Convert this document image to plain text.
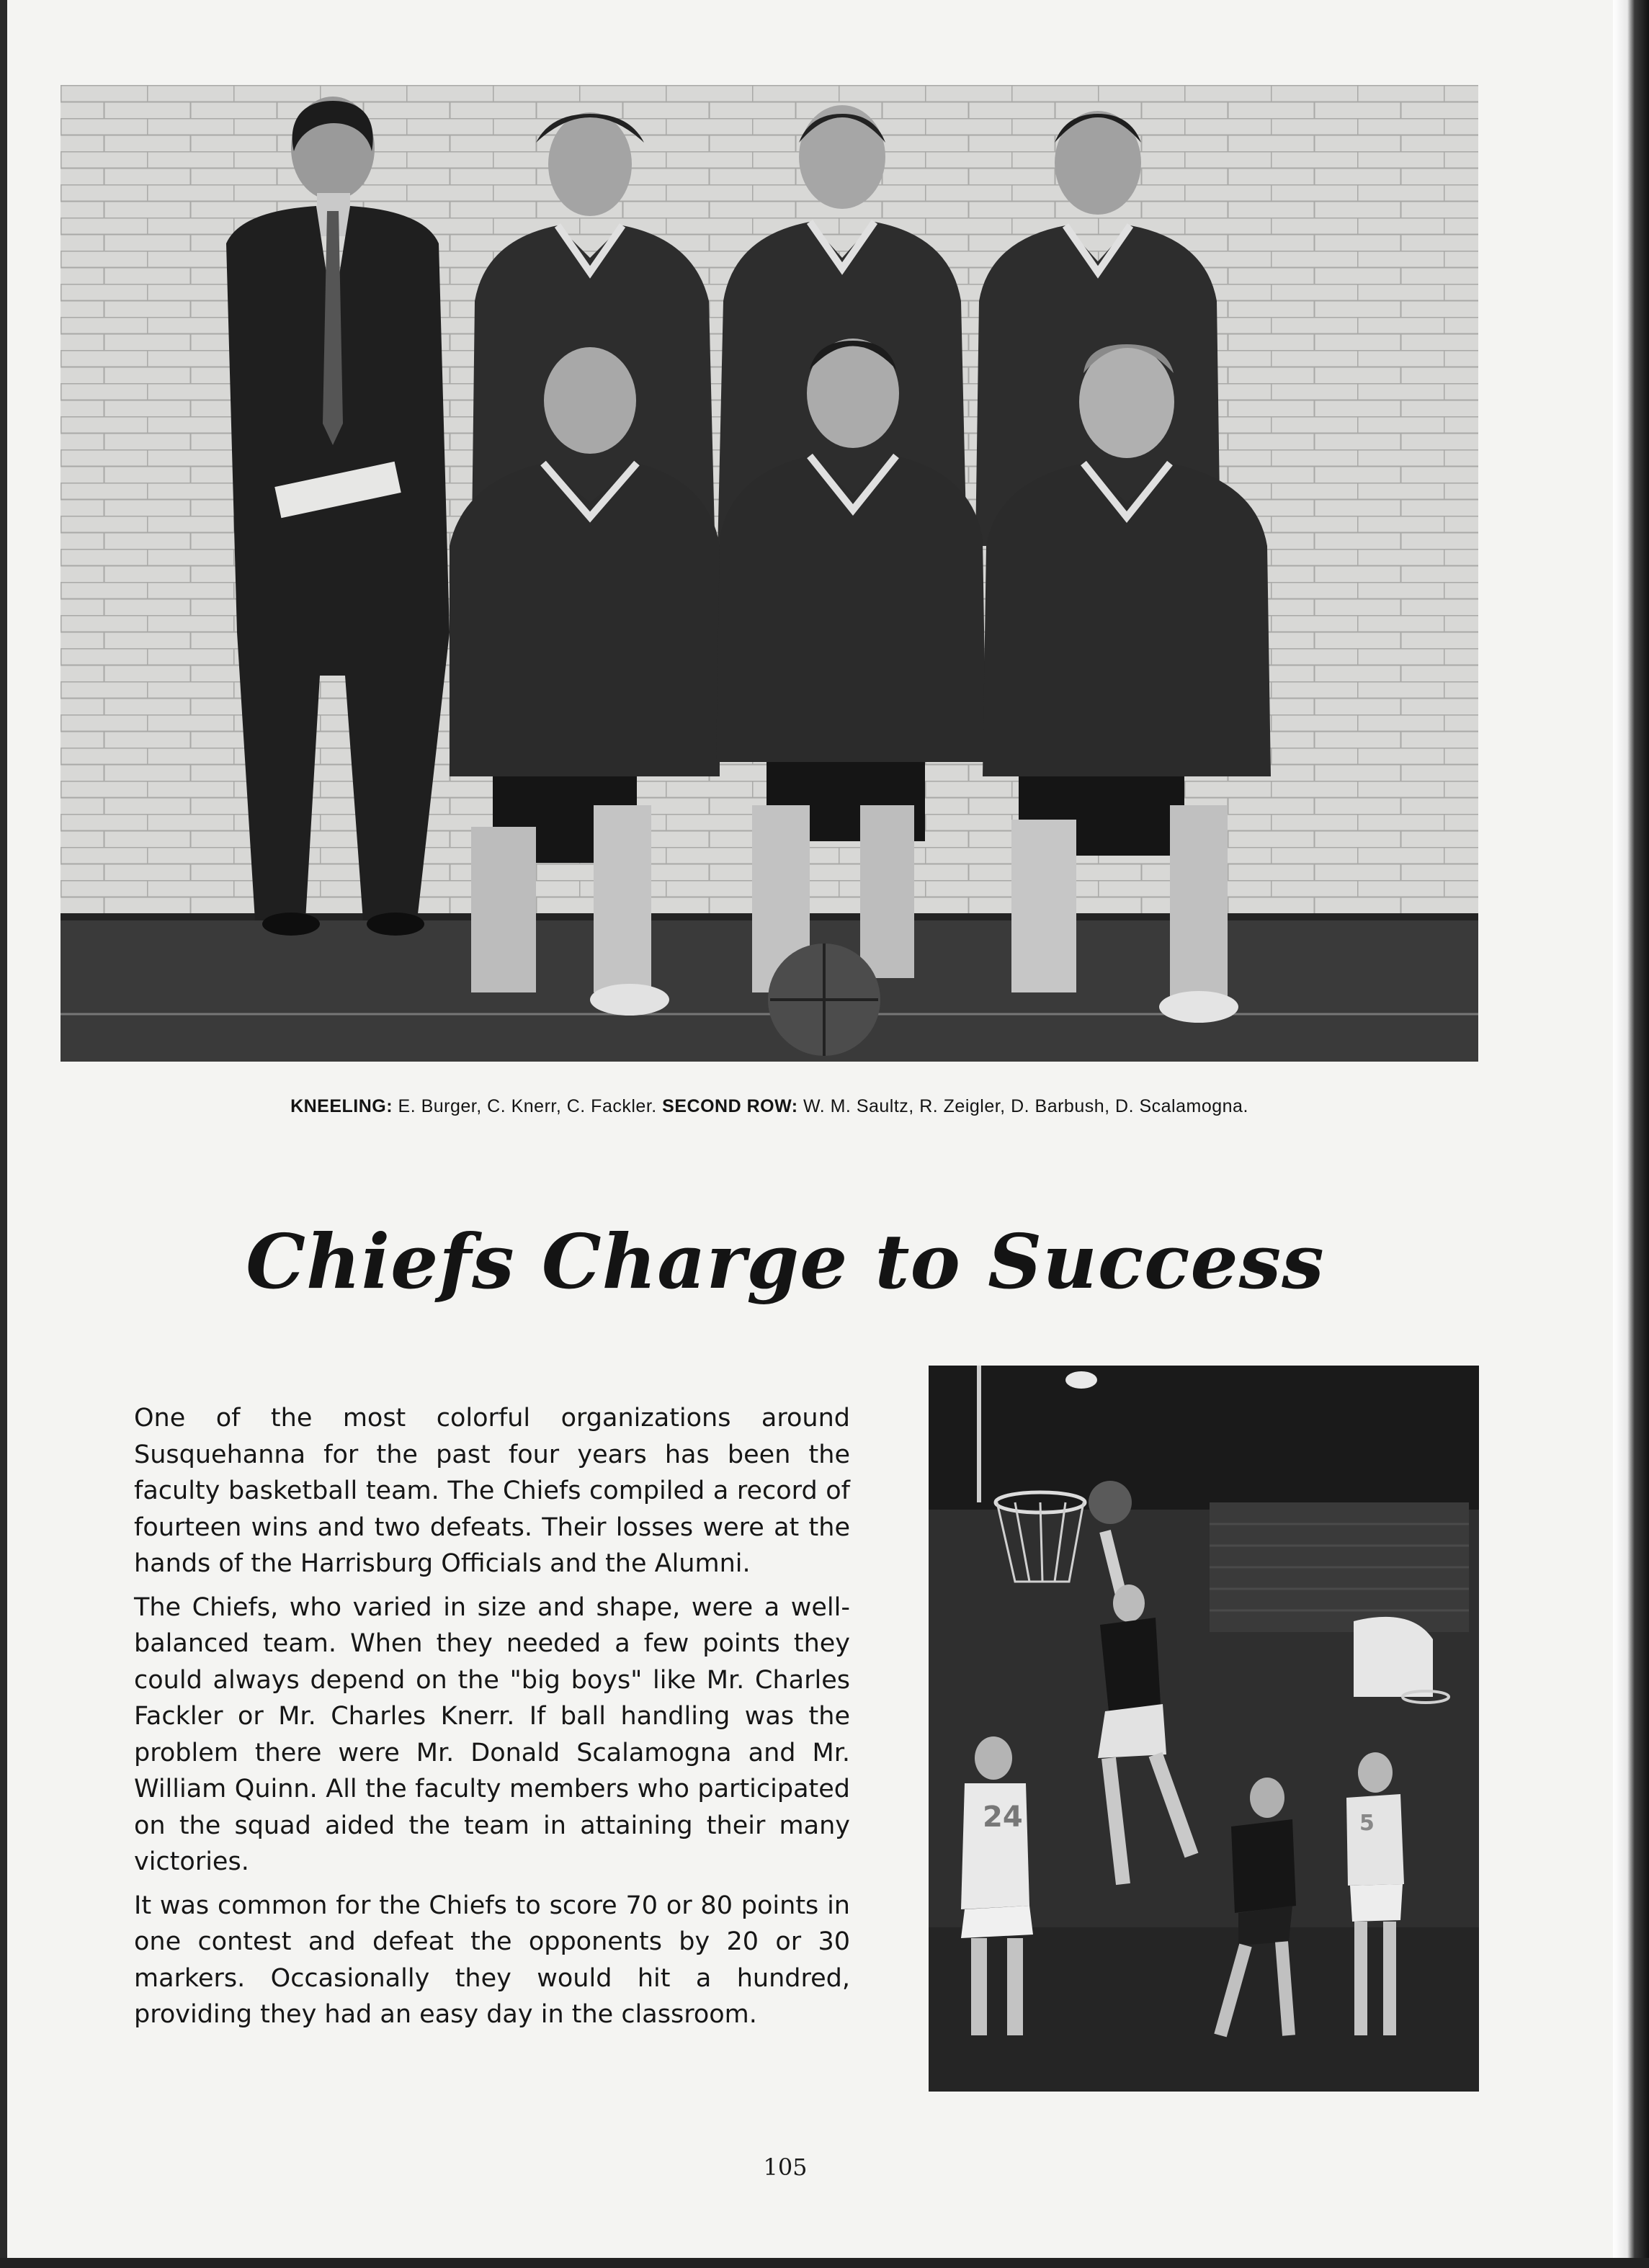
KNEELING: E. Burger, C. Knerr, C. Fackler. SECOND ROW: W. M. Saultz, R. Zeigler, D. Barbush, D. Scalamogna.
Chiefs Charge to Success

One of the most colorful organizations around Susquehanna for the past four years has been the faculty basketball team. The Chiefs compiled a record of fourteen wins and two defeats. Their losses were at the hands of the Harrisburg Officials and the Alumni.

The Chiefs, who varied in size and shape, were a well-balanced team. When they needed a few points they could always depend on the "big boys" like Mr. Charles Fackler or Mr. Charles Knerr. If ball handling was the problem there were Mr. Donald Scalamogna and Mr. William Quinn. All the faculty members who participated on the squad aided the team in attaining their many victories.

It was common for the Chiefs to score 70 or 80 points in one contest and defeat the opponents by 20 or 30 markers. Occasionally they would hit a hundred, providing they had an easy day in the classroom.

24	5
105
